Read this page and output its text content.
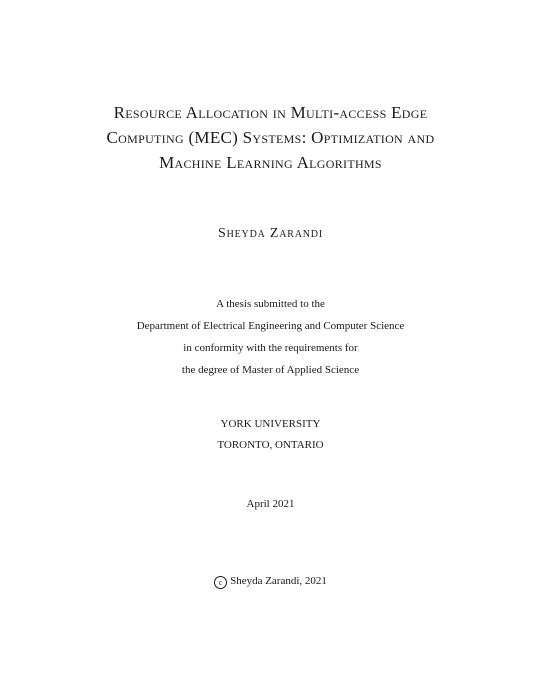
Resource Allocation in Multi-access Edge
Computing (MEC) Systems: Optimization and
Machine Learning Algorithms
Sheyda Zarandi
A thesis submitted to the
Department of Electrical Engineering and Computer Science
in conformity with the requirements for
the degree of Master of Applied Science
YORK UNIVERSITY
TORONTO, ONTARIO
April 2021
c Sheyda Zarandi, 2021
